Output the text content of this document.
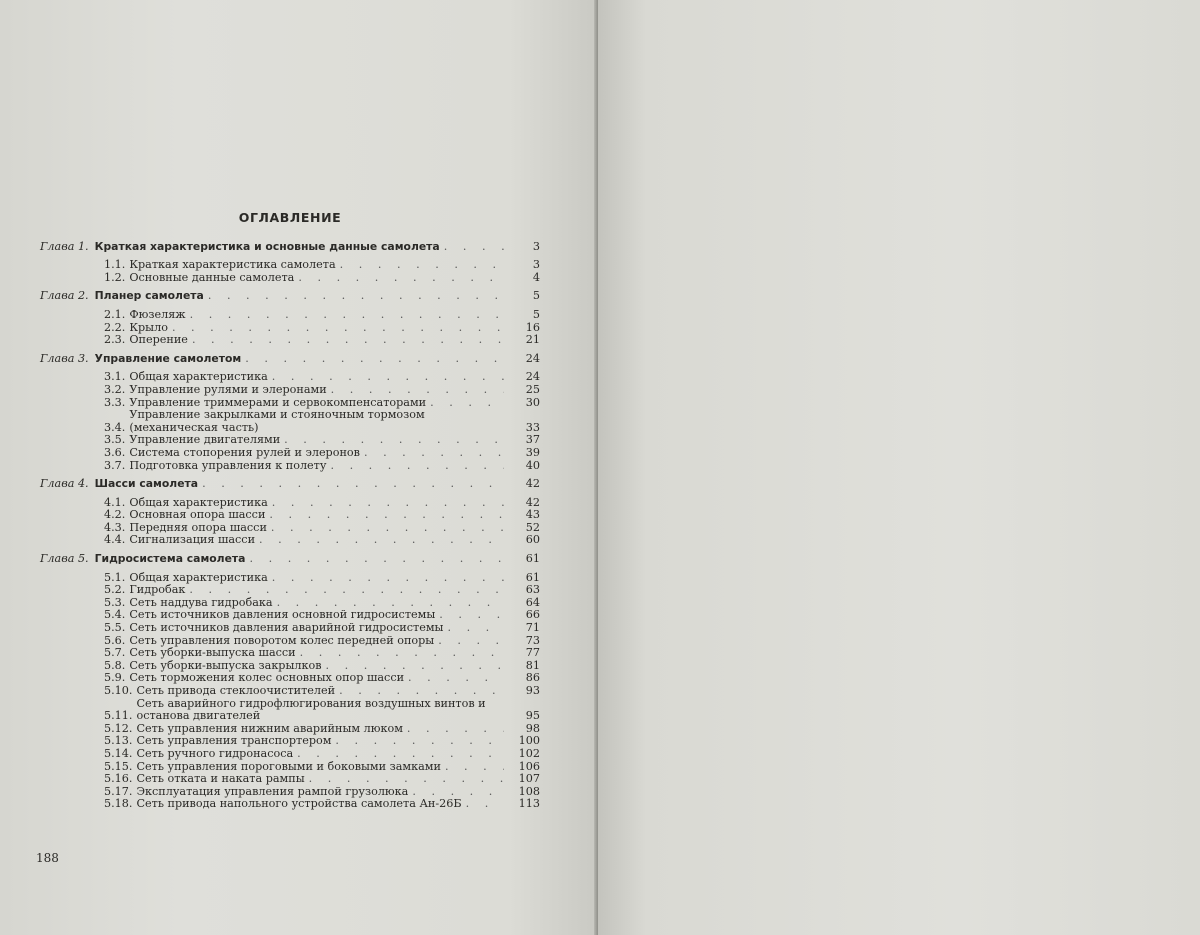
ОГЛАВЛЕНИЕ
Глава 1. Краткая характеристика и основные данные самолета . . .	3
1.1. Краткая характеристика самолета . . .	3
1.2. Основные данные самолета . . .	4
Глава 2. Планер самолета . . .	5
2.1. Фюзеляж . . .	5
2.2. Крыло . . .	16
2.3. Оперение . . .	21
Глава 3. Управление самолетом . . .	24
3.1. Общая характеристика . . .	24
3.2. Управление рулями и элеронами . . .	25
3.3. Управление триммерами и сервокомпенсаторами . . .	30
3.4.
Управление закрылками и стояночным тормозом (механическая часть)	33
3.5. Управление двигателями . . .	37
3.6. Система стопорения рулей и элеронов . . .	39
3.7. Подготовка управления к полету . . .	40
Глава 4. Шасси самолета . . .	42
4.1. Общая характеристика . . .	42
4.2. Основная опора шасси . . .	43
4.3. Передняя опора шасси . . .	52
4.4. Сигнализация шасси . . .	60
Глава 5. Гидросистема самолета . . .	61
5.1. Общая характеристика . . .	61
5.2. Гидробак . . .	63
5.3. Сеть наддува гидробака . . .	64
5.4. Сеть источников давления основной гидросистемы . . .	66
5.5. Сеть источников давления аварийной гидросистемы . . .	71
5.6. Сеть управления поворотом колес передней опоры . . .	73
5.7. Сеть уборки-выпуска шасси . . .	77
5.8. Сеть уборки-выпуска закрылков . . .	81
5.9. Сеть торможения колес основных опор шасси . . .	86
5.10. Сеть привода стеклоочистителей . . .	93
5.11.
Сеть аварийного гидрофлюгирования воздушных винтов и останова двигателей	95
5.12. Сеть управления нижним аварийным люком . . .	98
5.13. Сеть управления транспортером . . .	100
5.14. Сеть ручного гидронасоса . . .	102
5.15. Сеть управления пороговыми и боковыми замками . . .	106
5.16. Сеть отката и наката рампы . . .	107
5.17. Эксплуатация управления рампой грузолюка . . .	108
5.18. Сеть привода напольного устройства самолета Ан-26Б . . .	113
188
